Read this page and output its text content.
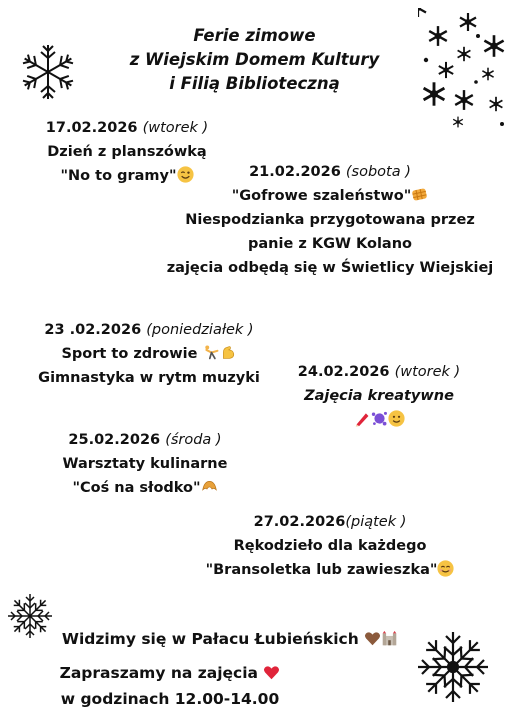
Ferie zimowe
z Wiejskim Domem Kultury
i Filią Biblioteczną
17.02.2026 (wtorek )
Dzień z planszówką
"No to gramy"	21.02.2026 (sobota )
"Gofrowe szaleństwo"
Niespodzianka przygotowana przez
panie z KGW Kolano
zajęcia odbędą się w Świetlicy Wiejskiej
23 .02.2026 (poniedziałek )
Sport to zdrowie
Gimnastyka w rytm muzyki	24.02.2026 (wtorek )
Zajęcia kreatywne
25.02.2026 (środa )
Warsztaty kulinarne
"Coś na słodko"
27.02.2026(piątek )
Rękodzieło dla każdego
"Bransoletka lub zawieszka"
Widzimy się w Pałacu Łubieńskich
Zapraszamy na zajęcia
w godzinach 12.00-14.00
